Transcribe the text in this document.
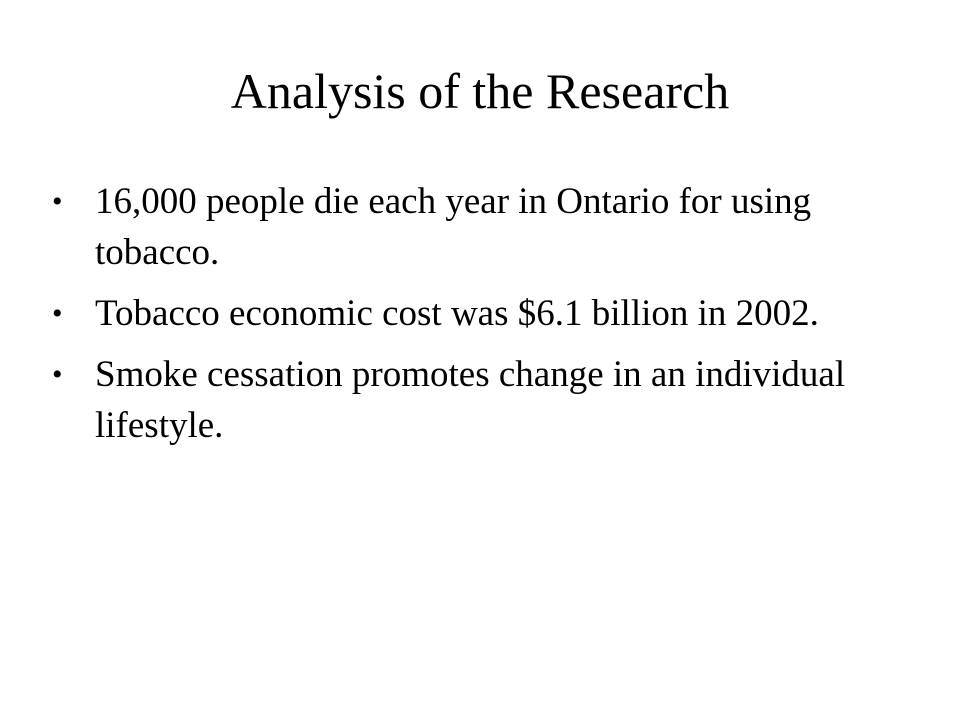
Analysis of the Research
• 16,000 people die each year in Ontario for using tobacco.
• Tobacco economic cost was $6.1 billion in 2002.
• Smoke cessation promotes change in an individual lifestyle.
